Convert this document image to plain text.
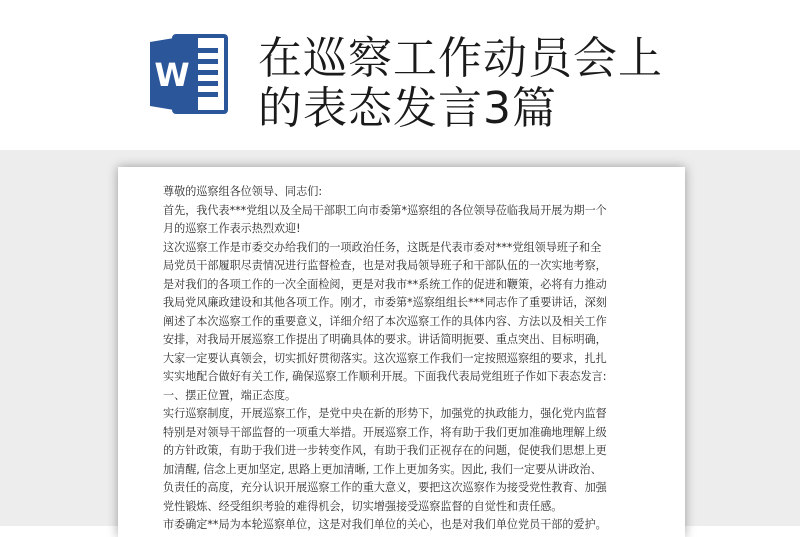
W 在巡察工作动员会上
的表态发言3篇

尊敬的巡察组各位领导、同志们:

首先，我代表***党组以及全局干部职工向市委第*巡察组的各位领导莅临我局开展为期一个

月的巡察工作表示热烈欢迎!

这次巡察工作是市委交办给我们的一项政治任务，这既是代表市委对***党组领导班子和全

局党员干部履职尽责情况进行监督检查，也是对我局领导班子和干部队伍的一次实地考察，

是对我们的各项工作的一次全面检阅，更是对我市**系统工作的促进和鞭策，必将有力推动

我局党风廉政建设和其他各项工作。刚才，市委第*巡察组组长***同志作了重要讲话，深刻

阐述了本次巡察工作的重要意义，详细介绍了本次巡察工作的具体内容、方法以及相关工作

安排，对我局开展巡察工作提出了明确具体的要求。讲话简明扼要、重点突出、目标明确，

大家一定要认真领会，切实抓好贯彻落实。这次巡察工作我们一定按照巡察组的要求，扎扎

实实地配合做好有关工作, 确保巡察工作顺利开展。下面我代表局党组班子作如下表态发言:

一、摆正位置，端正态度。

实行巡察制度，开展巡察工作，是党中央在新的形势下，加强党的执政能力，强化党内监督

特别是对领导干部监督的一项重大举措。开展巡察工作，将有助于我们更加准确地理解上级

的方针政策，有助于我们进一步转变作风，有助于我们正视存在的问题，促使我们思想上更

加清醒, 信念上更加坚定, 思路上更加清晰, 工作上更加务实。因此, 我们一定要从讲政治、

负责任的高度，充分认识开展巡察工作的重大意义，要把这次巡察作为接受党性教育、加强

党性锻炼、经受组织考验的难得机会，切实增强接受巡察监督的自觉性和责任感。

市委确定**局为本轮巡察单位，这是对我们单位的关心，也是对我们单位党员干部的爱护。
